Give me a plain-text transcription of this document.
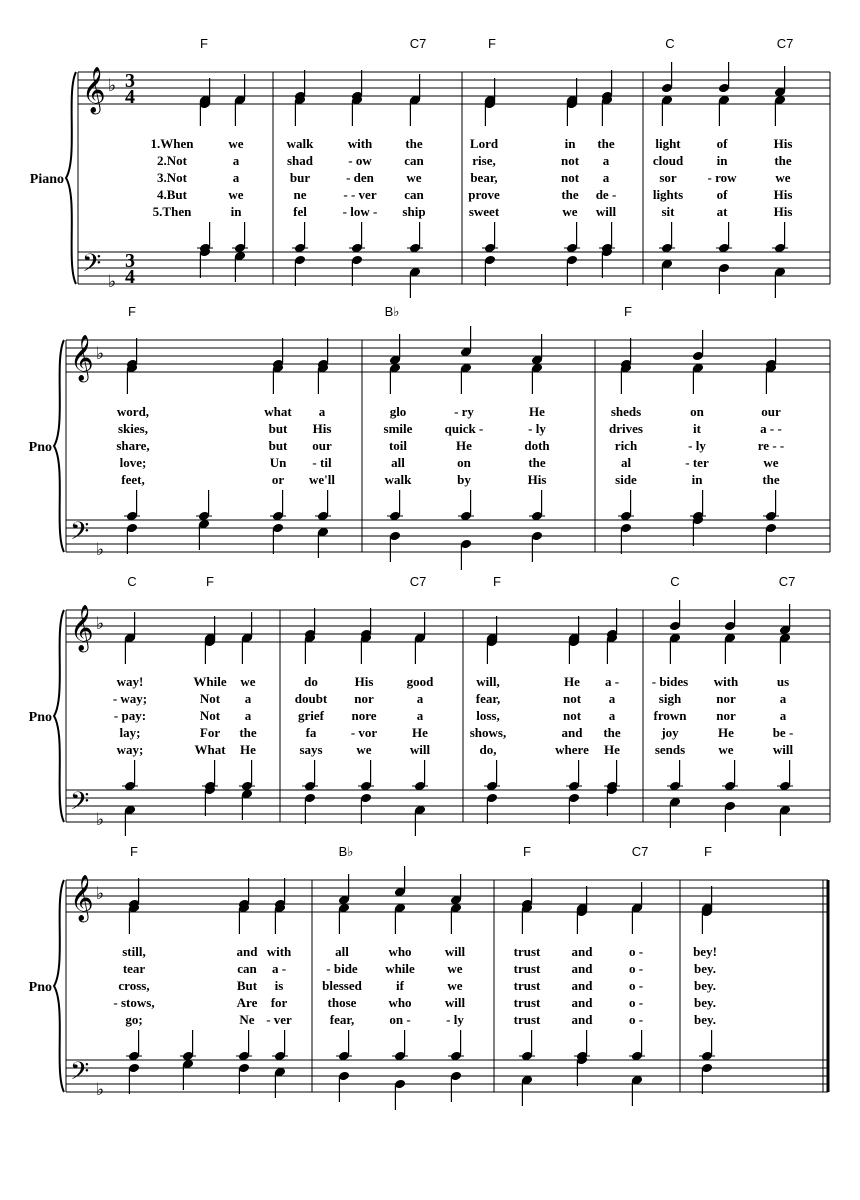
Piano
𝄞
𝄢
♭
♭
3
4
3
4
F	C7	F	C	C7
1.When	we	walk	with	the	Lord	in the	light	of	His
2.Not	a	shad	- ow	can	rise,	not a	cloud	in	the
3.Not	a	bur	- den	we	bear,	not a	sor - row	we
4.But	we	ne	- - ver can	prove	the de -	lights	of	His
5.Then	in	fel	- low - ship	sweet	we will	sit	at	His
Pno
𝄞
𝄢
♭
♭
F	B♭	F
word,	what a	glo	- ry	He	sheds	on	our
skies,	but His	smile quick -	- ly	drives	it	a - -
share,	but our	toil	He	doth	rich	- ly	re - -
love;	Un - til	all	on	the	al	- ter	we
feet,	or we'll	walk	by	His	side	in	the
Pno
𝄞
𝄢
♭
♭
C	F	C7	F	C	C7
way!	While we	do	His	good	will,	He a -	- bides with	us
- way;	Not a	doubt nor	a	fear,	not a	sigh	nor	a
- pay:	Not a	grief nore	a	loss,	not a	frown nor	a
lay;	For the	fa	- vor	He	shows,	and the	joy	He	be -
way;	What He	says	we	will	do,	where He	sends	we	will
Pno
𝄞
𝄢
♭
♭
F	B♭	F	C7	F
still,	and with	all	who	will	trust and	o -	bey!
tear	can a -	- bide while	we	trust and	o -	bey.
cross,	But is	blessed	if	we	trust and	o -	bey.
- stows,	Are for	those who	will	trust and	o -	bey.
go;	Ne - ver	fear,	on -	- ly	trust and	o -	bey.
